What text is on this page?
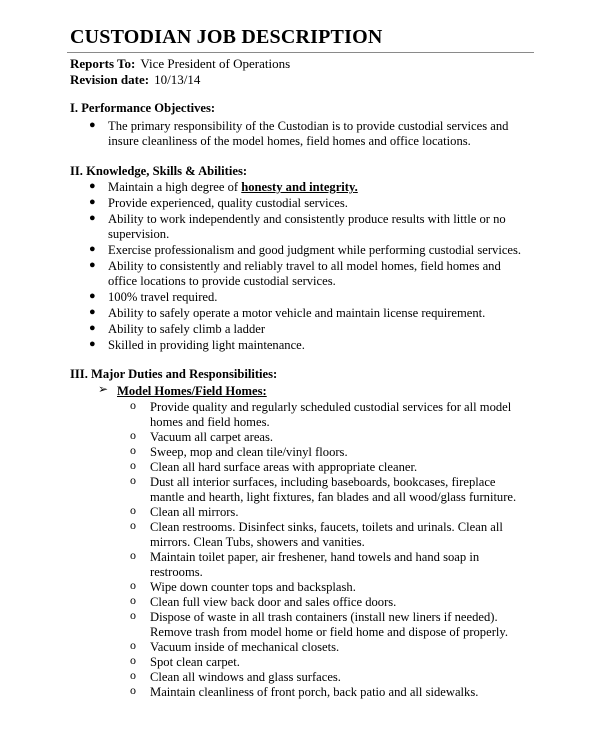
CUSTODIAN JOB DESCRIPTION
Reports To: Vice President of Operations
Revision date: 10/13/14
I. Performance Objectives:
● The primary responsibility of the Custodian is to provide custodial services and
insure cleanliness of the model homes, field homes and office locations.
II. Knowledge, Skills & Abilities:
● Maintain a high degree of honesty and integrity.
● Provide experienced, quality custodial services.
● Ability to work independently and consistently produce results with little or no
supervision.
● Exercise professionalism and good judgment while performing custodial services.
● Ability to consistently and reliably travel to all model homes, field homes and
office locations to provide custodial services.
● 100% travel required.
● Ability to safely operate a motor vehicle and maintain license requirement.
● Ability to safely climb a ladder
● Skilled in providing light maintenance.
III. Major Duties and Responsibilities:
➢ Model Homes/Field Homes:
o Provide quality and regularly scheduled custodial services for all model
homes and field homes.
o Vacuum all carpet areas.
o Sweep, mop and clean tile/vinyl floors.
o Clean all hard surface areas with appropriate cleaner.
o Dust all interior surfaces, including baseboards, bookcases, fireplace
mantle and hearth, light fixtures, fan blades and all wood/glass furniture.
o Clean all mirrors.
o Clean restrooms. Disinfect sinks, faucets, toilets and urinals. Clean all
mirrors. Clean Tubs, showers and vanities.
o Maintain toilet paper, air freshener, hand towels and hand soap in
restrooms.
o Wipe down counter tops and backsplash.
o Clean full view back door and sales office doors.
o Dispose of waste in all trash containers (install new liners if needed).
Remove trash from model home or field home and dispose of properly.
o Vacuum inside of mechanical closets.
o Spot clean carpet.
o Clean all windows and glass surfaces.
o Maintain cleanliness of front porch, back patio and all sidewalks.
